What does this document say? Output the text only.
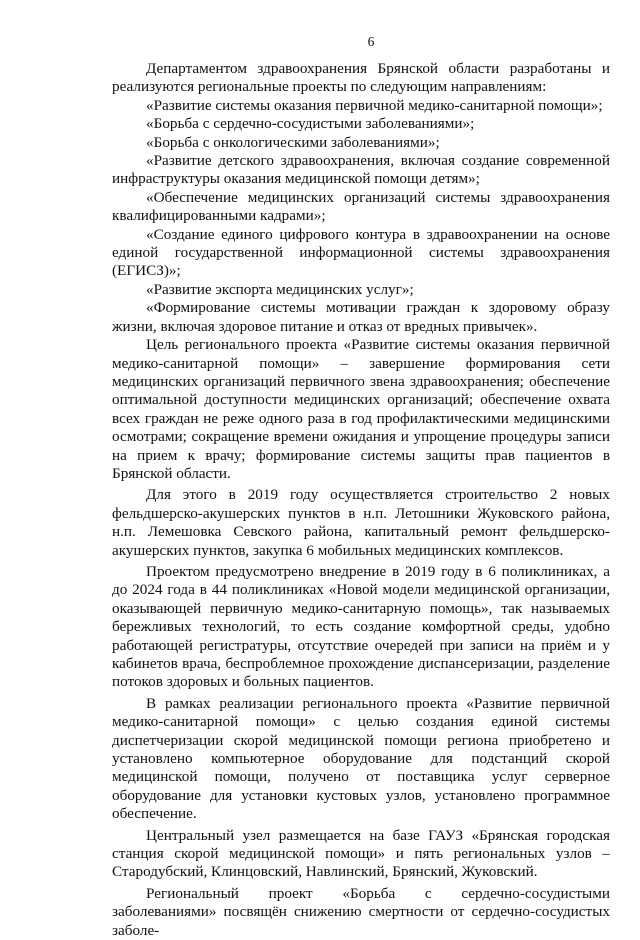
6

Департаментом здравоохранения Брянской области разработаны и реализуются региональные проекты по следующим направлениям:

«Развитие системы оказания первичной медико-санитарной помощи»;

«Борьба с сердечно-сосудистыми заболеваниями»;

«Борьба с онкологическими заболеваниями»;

«Развитие детского здравоохранения, включая создание современной инфраструктуры оказания медицинской помощи детям»;

«Обеспечение медицинских организаций системы здравоохранения квалифицированными кадрами»;

«Создание единого цифрового контура в здравоохранении на основе единой государственной информационной системы здравоохранения (ЕГИСЗ)»;

«Развитие экспорта медицинских услуг»;

«Формирование системы мотивации граждан к здоровому образу жизни, включая здоровое питание и отказ от вредных привычек».

Цель регионального проекта «Развитие системы оказания первичной медико-санитарной помощи» – завершение формирования сети медицинских организаций первичного звена здравоохранения; обеспечение оптимальной доступности медицинских организаций; обеспечение охвата всех граждан не реже одного раза в год профилактическими медицинскими осмотрами; сокращение времени ожидания и упрощение процедуры записи на прием к врачу; формирование системы защиты прав пациентов в Брянской области.

Для этого в 2019 году осуществляется строительство 2 новых фельдшерско-акушерских пунктов в н.п. Летошники Жуковского района, н.п. Лемешовка Севского района, капитальный ремонт фельдшерско-акушерских пунктов, закупка 6 мобильных медицинских комплексов.

Проектом предусмотрено внедрение в 2019 году в 6 поликлиниках, а до 2024 года в 44 поликлиниках «Новой модели медицинской организации, оказывающей первичную медико-санитарную помощь», так называемых бережливых технологий, то есть создание комфортной среды, удобно работающей регистратуры, отсутствие очередей при записи на приём и у кабинетов врача, беспроблемное прохождение диспансеризации, разделение потоков здоровых и больных пациентов.

В рамках реализации регионального проекта «Развитие первичной медико-санитарной помощи» с целью создания единой системы диспетчеризации скорой медицинской помощи региона приобретено и установлено компьютерное оборудование для подстанций скорой медицинской помощи, получено от поставщика услуг серверное оборудование для установки кустовых узлов, установлено программное обеспечение.

Центральный узел размещается на базе ГАУЗ «Брянская городская станция скорой медицинской помощи» и пять региональных узлов – Стародубский, Клинцовский, Навлинский, Брянский, Жуковский.

Региональный проект «Борьба с сердечно-сосудистыми заболеваниями» посвящён снижению смертности от сердечно-сосудистых заболе-
